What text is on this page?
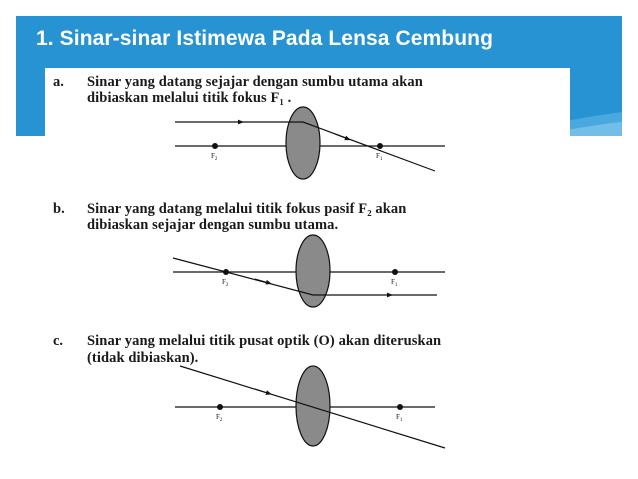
1. Sinar-sinar Istimewa Pada Lensa Cembung
a. Sinar yang datang sejajar dengan sumbu utama akan
dibiaskan melalui titik fokus F₁ .
b. Sinar yang datang melalui titik fokus pasif F₂ akan
dibiaskan sejajar dengan sumbu utama.
c. Sinar yang melalui titik pusat optik (O) akan diteruskan
(tidak dibiaskan).
$F_2$	$F_1$
$F_2$	$F_1$
$F_2$	$F_1$
